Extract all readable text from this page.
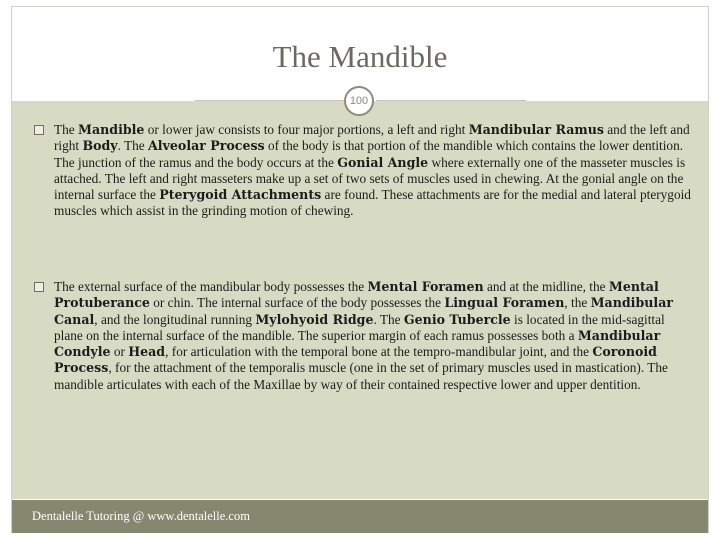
The Mandible
The Mandible or lower jaw consists to four major portions, a left and right Mandibular Ramus and the left and right Body. The Alveolar Process of the body is that portion of the mandible which contains the lower dentition. The junction of the ramus and the body occurs at the Gonial Angle where externally one of the masseter muscles is attached. The left and right masseters make up a set of two sets of muscles used in chewing. At the gonial angle on the internal surface the Pterygoid Attachments are found. These attachments are for the medial and lateral pterygoid muscles which assist in the grinding motion of chewing.
The external surface of the mandibular body possesses the Mental Foramen and at the midline, the Mental Protuberance or chin. The internal surface of the body possesses the Lingual Foramen, the Mandibular Canal, and the longitudinal running Mylohyoid Ridge. The Genio Tubercle is located in the mid-sagittal plane on the internal surface of the mandible. The superior margin of each ramus possesses both a Mandibular Condyle or Head, for articulation with the temporal bone at the tempro-mandibular joint, and the Coronoid Process, for the attachment of the temporalis muscle (one in the set of primary muscles used in mastication). The mandible articulates with each of the Maxillae by way of their contained respective lower and upper dentition.
100
Dentalelle Tutoring @ www.dentalelle.com
